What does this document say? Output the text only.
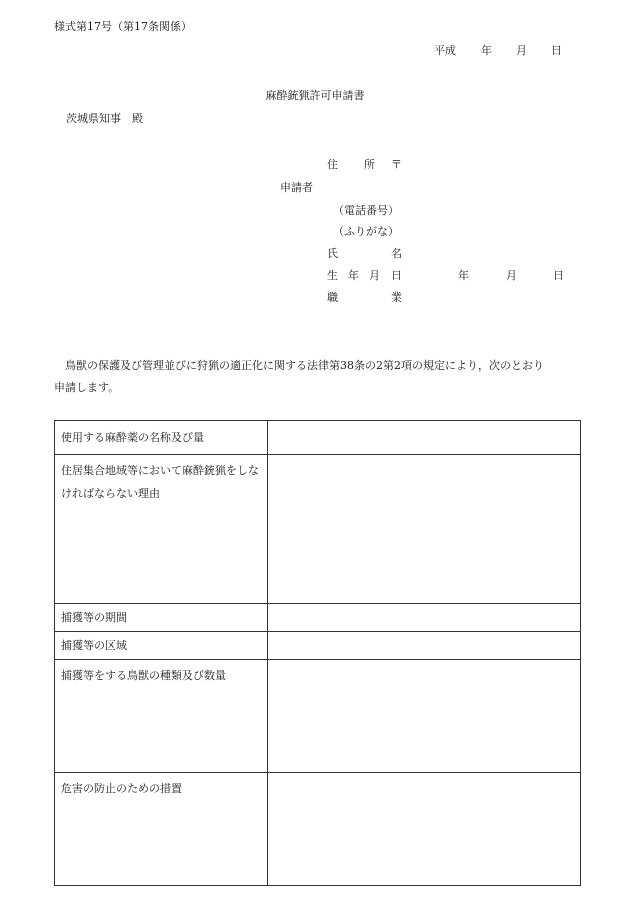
様式第17号（第17条関係）
平成 年 月 日
麻酔銃猟許可申請書
茨城県知事　殿
住 所 〒
申請者
（電話番号）
（ふりがな）
氏	名
生 年 月 日	年	月	日
職	業
鳥獣の保護及び管理並びに狩猟の適正化に関する法律第38条の2第2項の規定により，次のとおり
申請します。
使用する麻酔薬の名称及び量	
住居集合地域等において麻酔銃猟をしなければならない理由	
捕獲等の期間	
捕獲等の区域	
捕獲等をする鳥獣の種類及び数量	
危害の防止のための措置	
